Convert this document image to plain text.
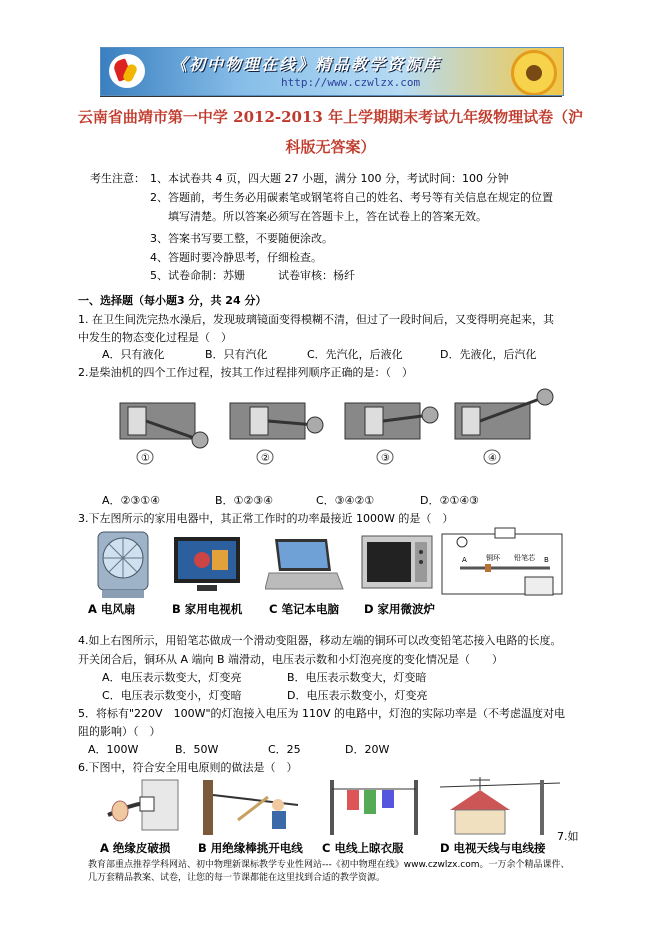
《初中物理在线》精品教学资源库
http://www.czwlzx.com
云南省曲靖市第一中学 2012-2013 年上学期期末考试九年级物理试卷（沪
科版无答案）
考生注意： 1、本试卷共 4 页，四大题 27 小题，满分 100 分，考试时间：100 分钟
2、答题前，考生务必用碳素笔或钢笔将自己的姓名、考号等有关信息在规定的位置
填写清楚。所以答案必须写在答题卡上，答在试卷上的答案无效。
3、答案书写要工整，不要随便涂改。
4、答题时要冷静思考，仔细检查。
5、试卷命制：苏姗　　　试卷审核：杨纤
一、选择题（每小题3 分，共 24 分）
1. 在卫生间洗完热水澡后，发现玻璃镜面变得模糊不清，但过了一段时间后，又变得明亮起来，其
中发生的物态变化过程是（　）
A．只有液化	B．只有汽化	C．先汽化，后液化	D．先液化，后汽化
2.是柴油机的四个工作过程，按其工作过程排列顺序正确的是：（　）
①	②	③	④
A．②③①④	B．①②③④	C．③④②①	D．②①④③
3.下左图所示的家用电器中，其正常工作时的功率最接近 1000W 的是（　）
A	铜环 铅笔芯 B
A 电风扇	B 家用电视机 C 笔记本电脑 D 家用微波炉
4.如上右图所示，用铅笔芯做成一个滑动变阻器，移动左端的铜环可以改变铅笔芯接入电路的长度。
开关闭合后，铜环从 A 端向 B 端滑动，电压表示数和小灯泡亮度的变化情况是（　　）
A．电压表示数变大，灯变亮	B．电压表示数变大，灯变暗
C．电压表示数变小，灯变暗	D．电压表示数变小，灯变亮
5．将标有"220V　100W"的灯泡接入电压为 110V 的电路中，灯泡的实际功率是（不考虑温度对电
阻的影响）（　）
A．100W	B．50W	C．25	D．20W
6.下图中，符合安全用电原则的做法是（　）
A 绝缘皮破损 B 用绝缘棒挑开电线 C 电线上晾衣服	D 电视天线与电线接
7.如
教育部重点推荐学科网站、初中物理新课标教学专业性网站---《初中物理在线》www.czwlzx.com。一万余个精品课件、
几万套精品教案、试卷，让您的每一节课都能在这里找到合适的教学资源。
